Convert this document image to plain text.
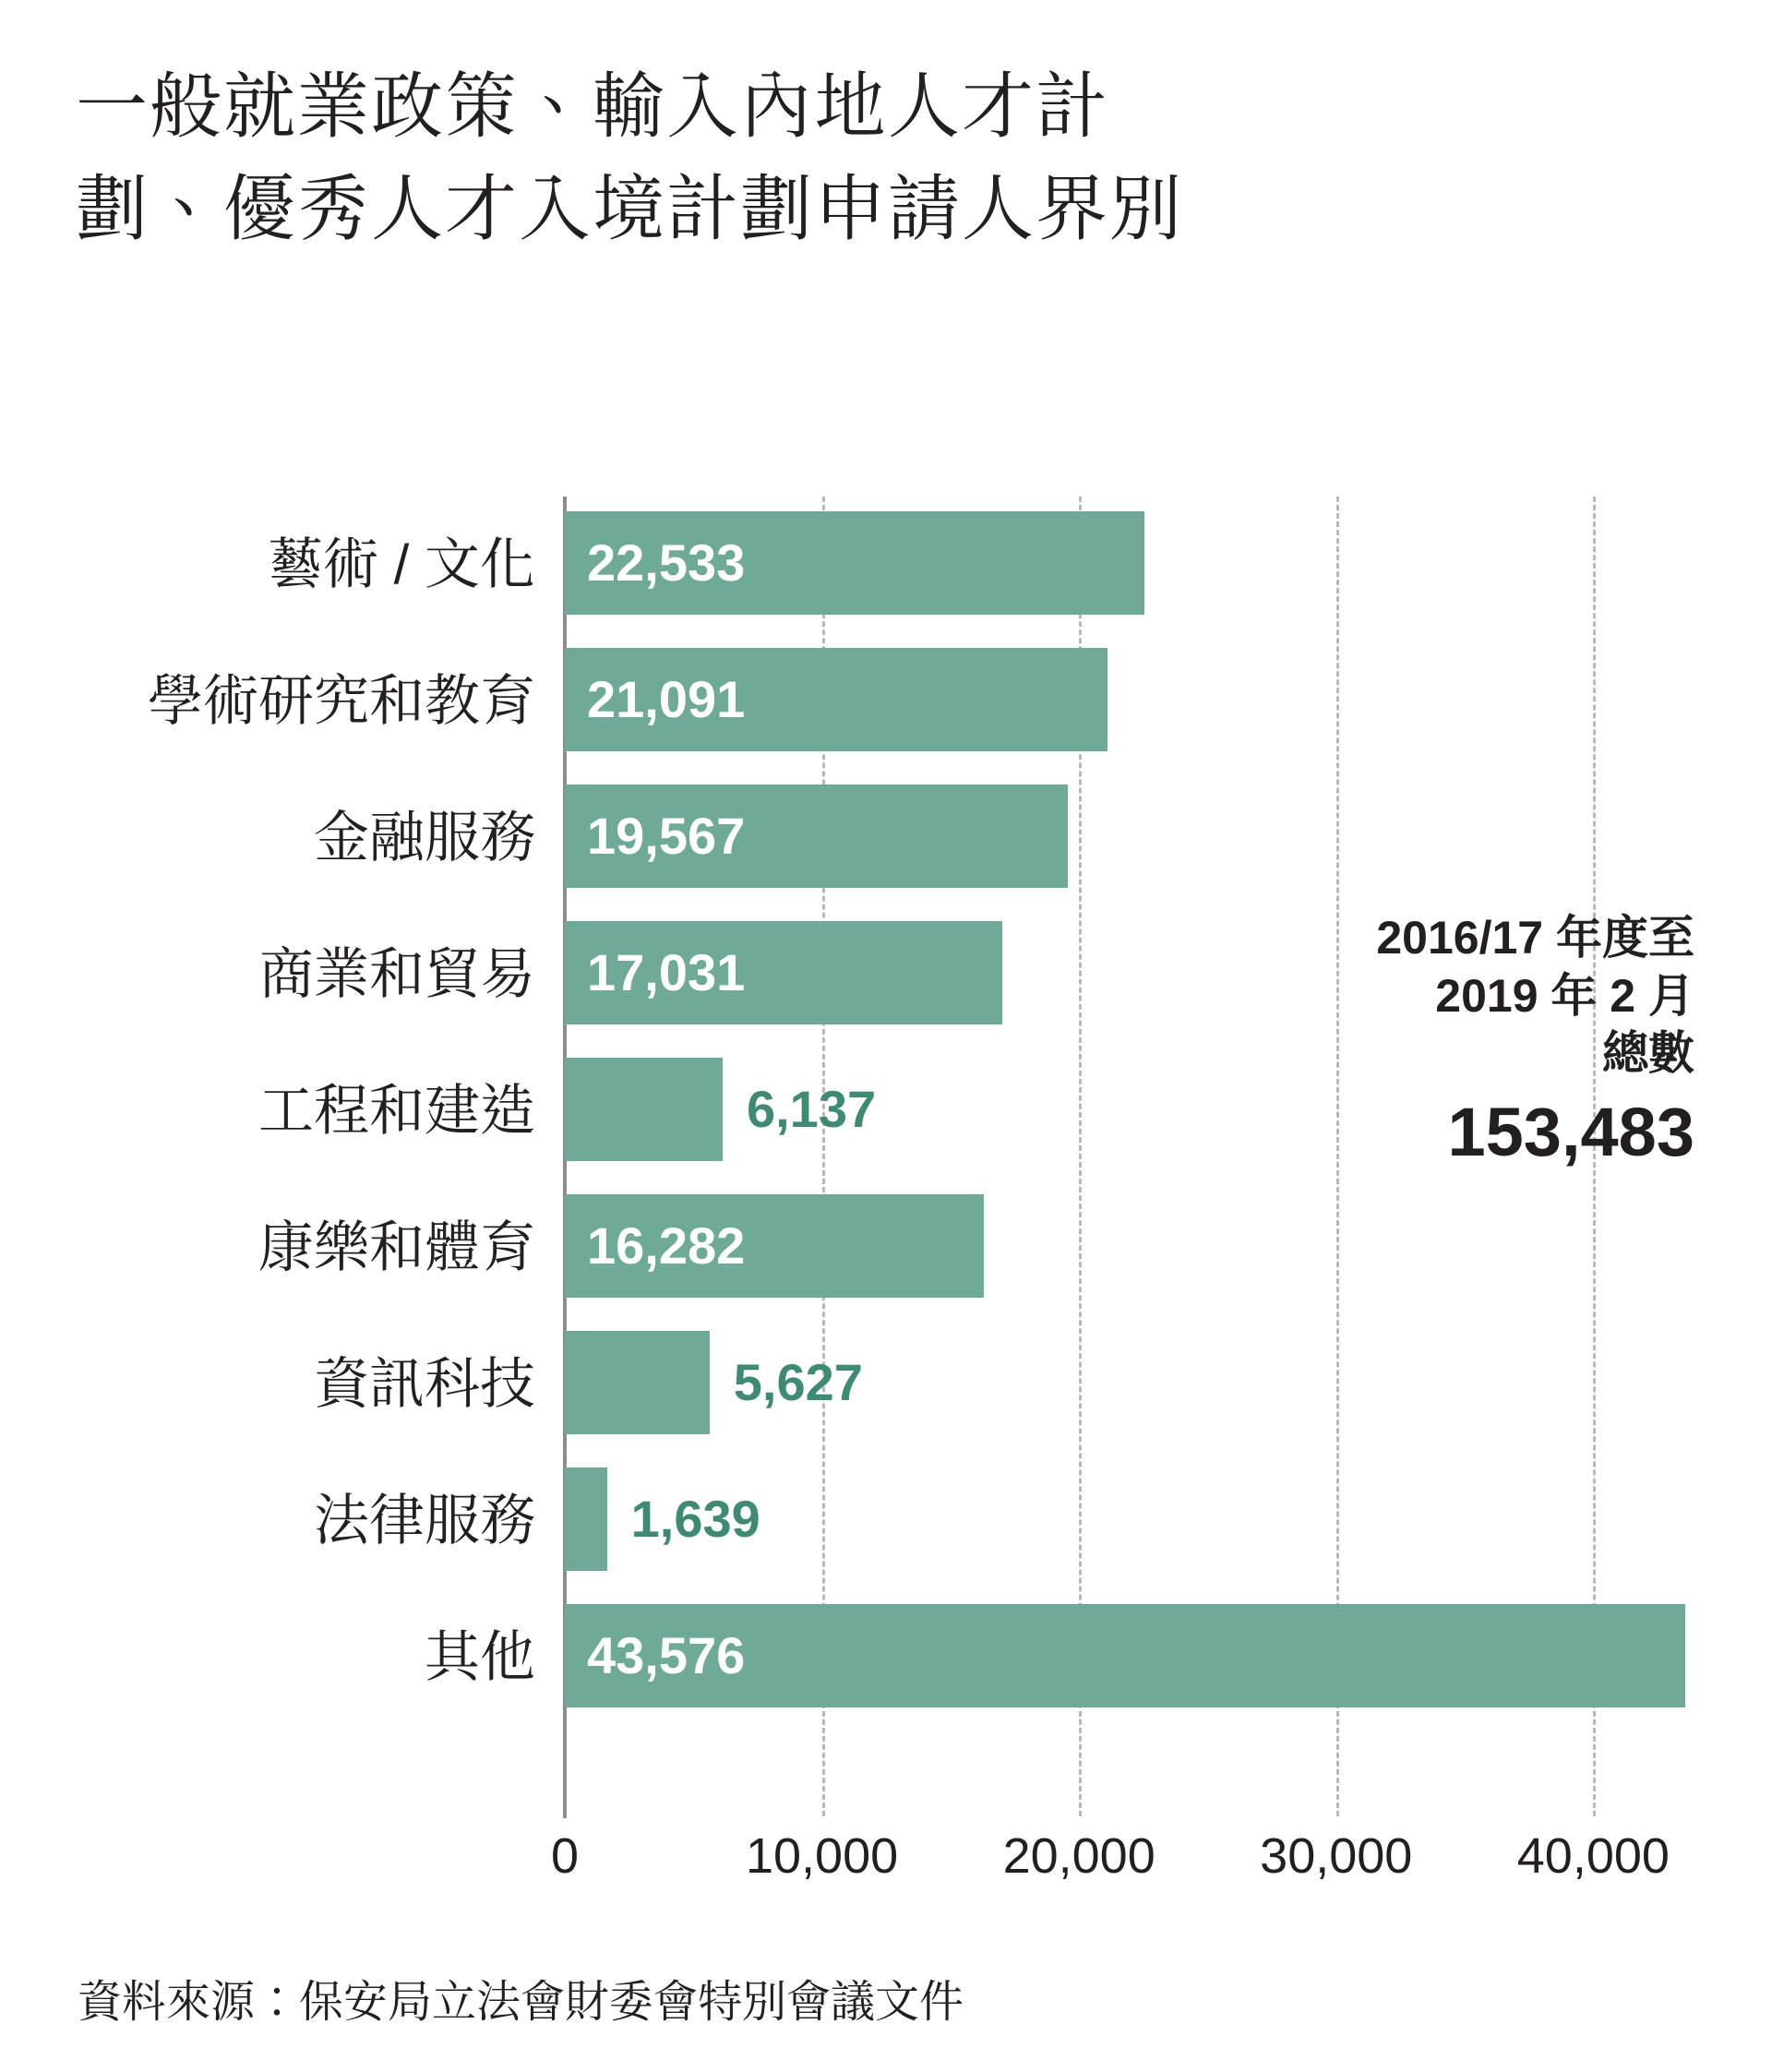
一般就業政策、輸入內地人才計
劃、優秀人才入境計劃申請人界別
藝術 / 文化
學術研究和教育
金融服務
商業和貿易
工程和建造
康樂和體育
資訊科技
法律服務
其他
22,533
21,091
19,567
17,031
6,137
16,282
5,627
1,639
43,576
0	10,000 20,000 30,000 40,000
2016/17 年度至
2019 年 2 月
總數
153,483
資料來源：保安局立法會財委會特別會議文件
